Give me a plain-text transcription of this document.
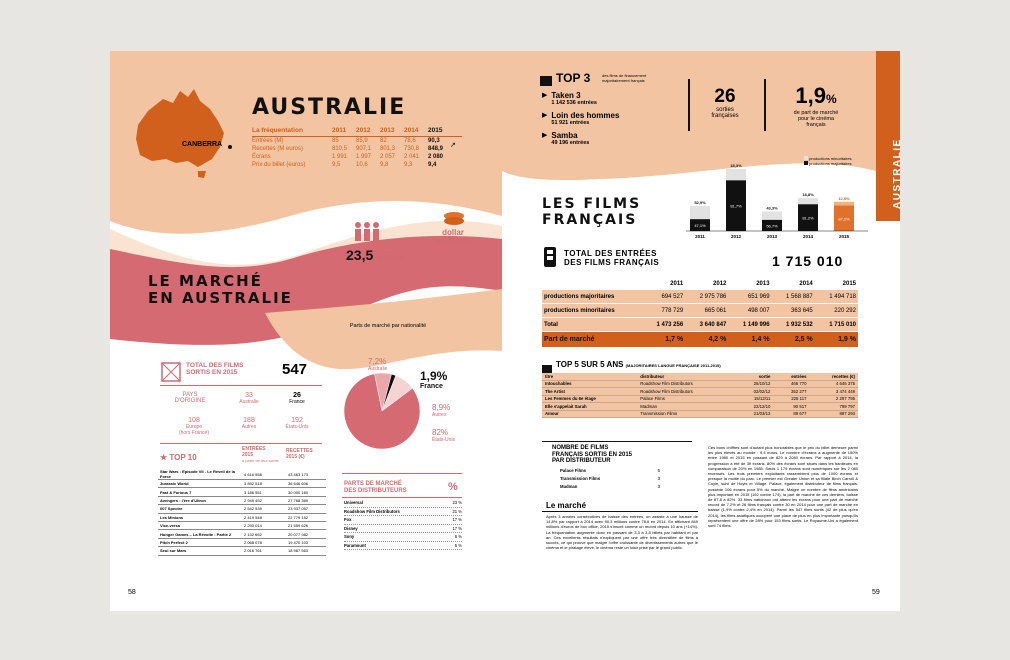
CANBERRA
AUSTRALIE
La fréquentation	2011	2012	2013	2014	2015
Entrées (M)	85	85,9	82	78,6	90,3
Recettes (M euros)	810,5	907,1	801,3	730,8	848,9
Écrans	1 991	1 997	2 057	2 041	2 080
Prix du billet (euros)	9,5	10,6	9,8	9,3	9,4
↗
23,5 millions
dollar
australien
LE MARCHÉ
EN AUSTRALIE
Parts de marché par nationalité
7,2%
Australie	1,9%
France
8,9%
Autres
82%
États-Unis
TOTAL DES FILMS
SORTIS EN 2015	547
PAYS
D'ORIGINE
33
Australie
26
France
108
Europe
(hors France)
188
Autres
192
États-Unis
★ TOP 10
ENTRÉES
2015
à partir de leur sortie
RECETTES
2015 (€)
Star Wars : Episode VII - Le Réveil de la Force	4 616 558	43 463 173
Jurassic World	3 892 518	36 646 606
Fast & Furious 7	3 186 551	30 000 160
Avengers : l'ère d'Ultron	2 949 492	27 768 369
007 Spectre	2 542 539	23 937 057
Les Minions	2 419 548	22 779 152
Vice-versa	2 290 014	21 559 626
Hunger Games – La Révolte : Partie 2	2 132 652	20 077 982
Pitch Perfect 2	2 068 078	19 470 103
Seul sur Mars	2 016 761	18 987 563
PARTS DE MARCHÉ
DES DISTRIBUTEURS	%
Universal	23 %
Roadshow Film Distributors	21 %
Fox	17 %
Disney	17 %
Sony	6 %
Paramount	5 %
58
AUSTRALIE
TOP 3	des films de financement
majoritairement français
▶ Taken 3
1 142 536 entrées
▶ Loin des hommes
51 921 entrées
▶ Samba
49 196 entrées
26
sorties
françaises
1,9%
de part de marché
pour le cinéma
français
LES FILMS
FRANÇAIS
52,9%
47,1%
2011
18,3%
81,7%
2012
43,3%
56,7%
2013
18,8%
81,2%
2014
12,8%
87,2%
2015
productions minoritaires
productions majoritaires
TOTAL DES ENTRÉES
DES FILMS FRANÇAIS	1 715 010
	2011	2012	2013	2014	2015
productions majoritaires	694 527	2 975 786	651 969	1 568 887	1 494 718
productions minoritaires	778 729	665 061	498 007	363 645	220 292
Total	1 473 256	3 640 847	1 149 996	1 932 532	1 715 010
Part de marché	1,7 %	4,2 %	1,4 %	2,5 %	1,9 %
TOP 5 SUR 5 ANS (MAJORITAIRES LANGUE FRANÇAISE 2011-2015)
titre	distributeur	sortie	entrées	recettes (€)
Intouchables	Roadshow Film Distributors	25/10/12	466 770	4 646 375
The Artist	Roadshow Film Distributors	02/02/12	352 277	3 474 449
Les Femmes du 6e étage	Palace Films	15/12/11	225 117	2 297 795
Elle s'appelait Sarah	Madman	22/12/10	90 517	799 797
Amour	Transmission Films	21/03/13	89 677	887 293
NOMBRE DE FILMS
FRANÇAIS SORTIS EN 2015
PAR DISTRIBUTEUR
Palace Films	5
Transmission Films	3
Madman	3
Le marché
Après 3 années consécutives de baisse des entrées, on assiste à une hausse de 14,8% par rapport à 2014 avec 90,3 millions contre 78,6 en 2014. En affichant 849 millions d'euros de box office, 2015 s'inscrit comme un record depuis 10 ans (+14%). La fréquentation augmente donc en passant de 3,3 à 3,8 billets par habitant et par an. Ces excellents résultats n'expliquent par une offre très diversifiée de films à succès, ce qui prouve que malgré l'offre croissante de divertissements autres que le cinéma et le piratage élevé, le cinéma reste un loisir prisé par le grand public.
Ces bons chiffres sont d'autant plus honorables que le prix du billet demeure parmi les plus élevés au monde : 9,4 euros. Le nombre d'écrans a augmenté de 150% entre 1980 et 2015 en passant de 829 à 2080 écrans. Par rapport à 2014, la progression a été de 39 écrans. 80% des écrans sont situés dans les banlieues en comparaison de 20% en 1985. Seuls 1 179 écrans sont numériques sur les 2 080 recensés. Les trois premiers exploitants rassemblent plus de 1000 écrans et presque la moitié du parc. Le premier est Greater Union et sa filiale Birch Carroll & Coyle, suivi de Hoyts et Village. Palace, également distributeur de films français, possède 106 écrans pour 5% du marché. Malgré un nombre de films américains plus important en 2015 (192 contre 174), la part de marché de ces derniers, baisse de 87,8 à 82%. 33 films nationaux ont atteint les écrans pour une part de marché record de 7,2% et 26 films français contre 30 en 2014 pour une part de marché en baisse (1,9% contre 2,4% en 2014). Parmi les 547 films sortis (42 de plus qu'en 2014), les films asiatiques occupent une place de plus en plus importante puisqu'ils représentent une offre de 28% pour 153 films sortis. Le Royaume-Uni a également sorti 74 films.
59
